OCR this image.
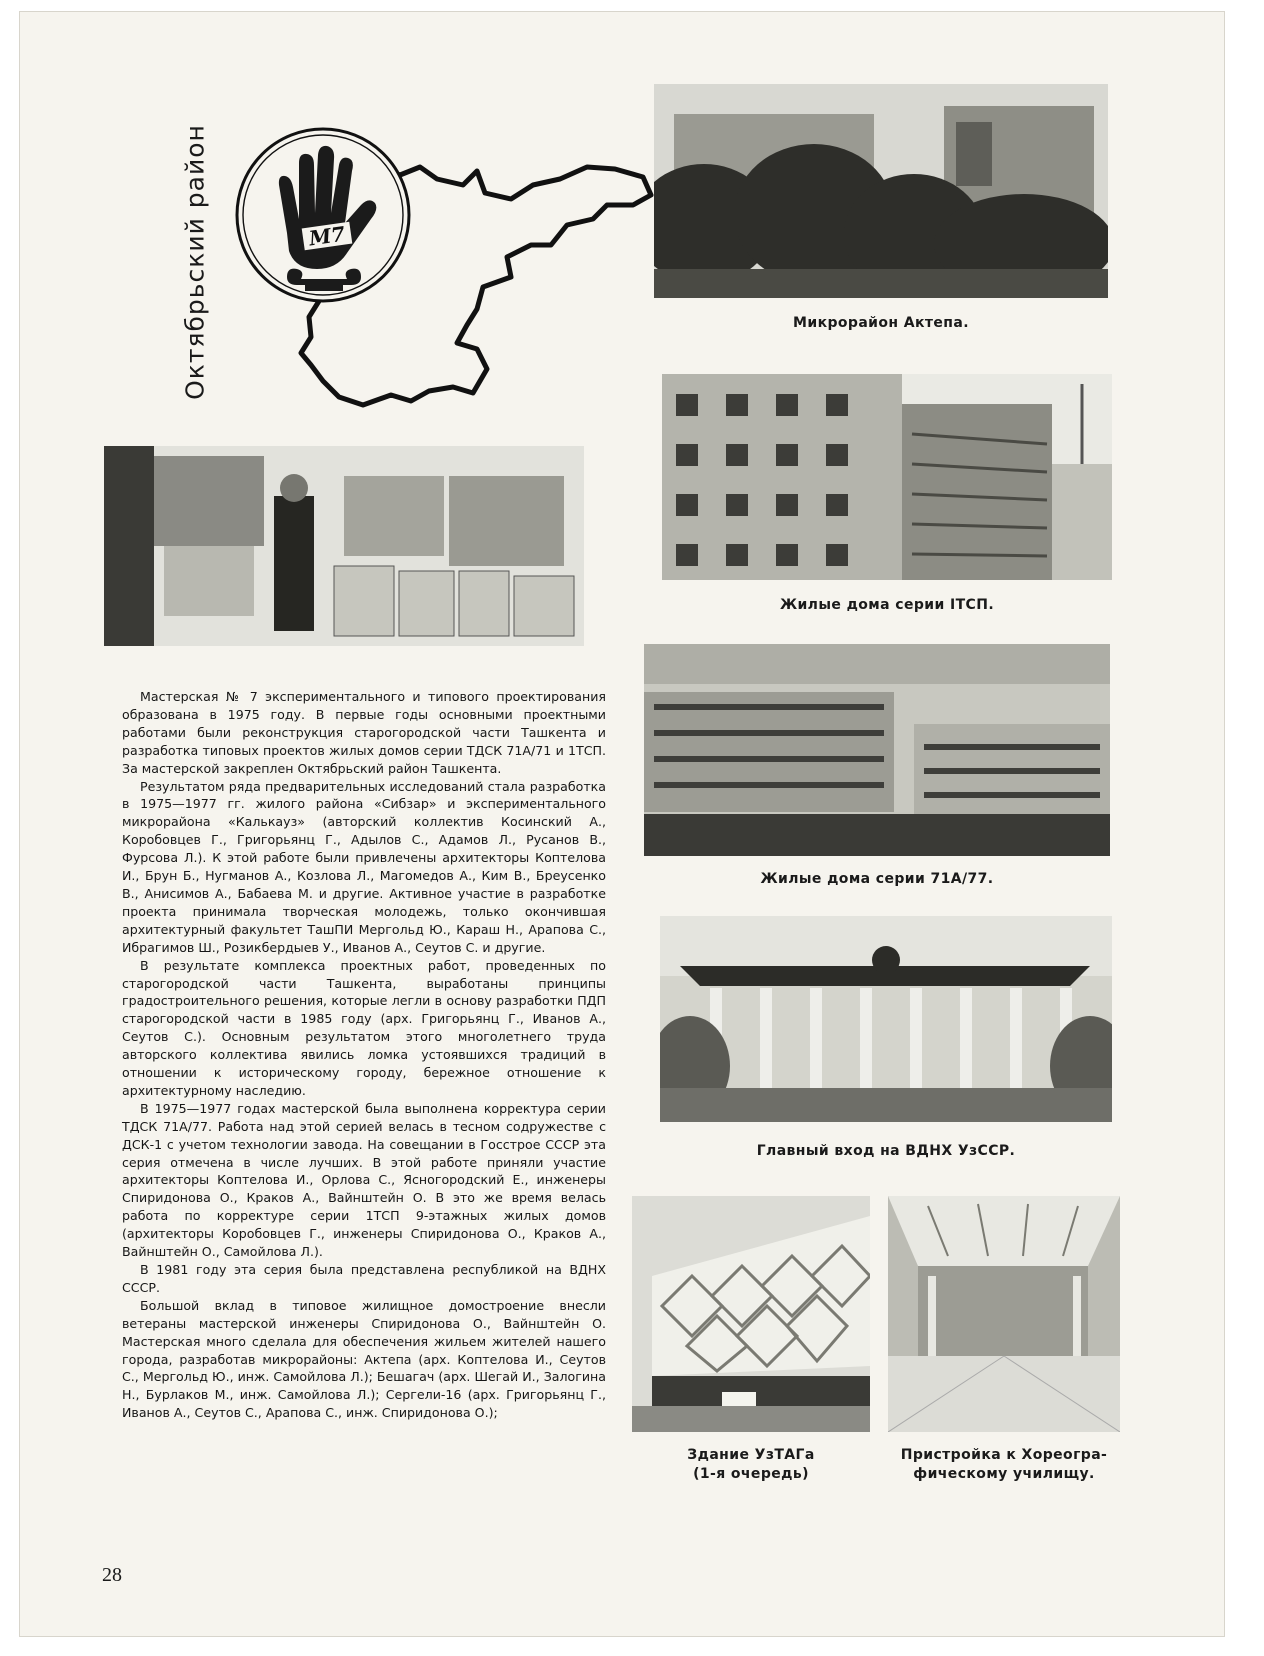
Октябрьский район	М7
Микрорайон Актепа.
Жилые дома серии ITCП.
Жилые дома серии 71А/77.
Главный вход на ВДНХ УзССР.
Здание УзТАГа
(1-я очередь)
Пристройка к Хореогра-
фическому училищу.

Мастерская № 7 экспериментального и типового проектирования образована в 1975 году. В первые годы основными проектными работами были реконструкция старогородской части Ташкента и разработка типовых проектов жилых домов серии ТДСК 71А/71 и 1ТСП. За мастерской закреплен Октябрьский район Ташкента.

Результатом ряда предварительных исследований стала разработка в 1975—1977 гг. жилого района «Сибзар» и экспериментального микрорайона «Калькауз» (авторский коллектив Косинский А., Коробовцев Г., Григорьянц Г., Адылов С., Адамов Л., Русанов В., Фурсова Л.). К этой работе были привлечены архитекторы Коптелова И., Брун Б., Нугманов А., Козлова Л., Магомедов А., Ким В., Бреусенко В., Анисимов А., Бабаева М. и другие. Активное участие в разработке проекта принимала творческая молодежь, только окончившая архитектурный факультет ТашПИ Мергольд Ю., Караш Н., Арапова С., Ибрагимов Ш., Розикбердыев У., Иванов А., Сеутов С. и другие.

В результате комплекса проектных работ, проведенных по старогородской части Ташкента, выработаны принципы градостроительного решения, которые легли в основу разработки ПДП старогородской части в 1985 году (арх. Григорьянц Г., Иванов А., Сеутов С.). Основным результатом этого многолетнего труда авторского коллектива явились ломка устоявшихся традиций в отношении к историческому городу, бережное отношение к архитектурному наследию.

В 1975—1977 годах мастерской была выполнена корректура серии ТДСК 71А/77. Работа над этой серией велась в тесном содружестве с ДСК-1 с учетом технологии завода. На совещании в Госстрое СССР эта серия отмечена в числе лучших. В этой работе приняли участие архитекторы Коптелова И., Орлова С., Ясногородский Е., инженеры Спиридонова О., Краков А., Вайнштейн О. В это же время велась работа по корректуре серии 1ТСП 9-этажных жилых домов (архитекторы Коробовцев Г., инженеры Спиридонова О., Краков А., Вайнштейн О., Самойлова Л.).

В 1981 году эта серия была представлена республикой на ВДНХ СССР.

Большой вклад в типовое жилищное домостроение внесли ветераны мастерской инженеры Спиридонова О., Вайнштейн О. Мастерская много сделала для обеспечения жильем жителей нашего города, разработав микрорайоны: Актепа (арх. Коптелова И., Сеутов С., Мергольд Ю., инж. Самойлова Л.); Бешагач (арх. Шегай И., Залогина Н., Бурлаков М., инж. Самойлова Л.); Сергели-16 (арх. Григорьянц Г., Иванов А., Сеутов С., Арапова С., инж. Спиридонова О.);

28
